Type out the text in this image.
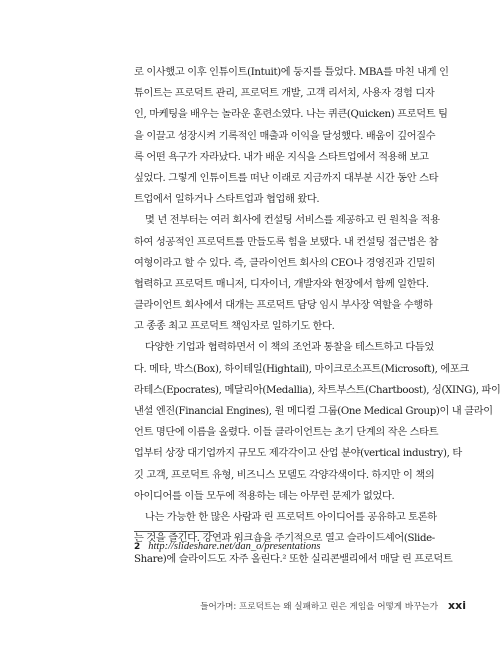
로 이사했고 이후 인튜이트(Intuit)에 둥지를 틀었다. MBA를 마친 내게 인
튜이트는 프로덕트 관리, 프로덕트 개발, 고객 리서치, 사용자 경험 디자
인, 마케팅을 배우는 놀라운 훈련소였다. 나는 퀴큰(Quicken) 프로덕트 팀
을 이끌고 성장시켜 기록적인 매출과 이익을 달성했다. 배움이 깊어질수
록 어떤 욕구가 자라났다. 내가 배운 지식을 스타트업에서 적용해 보고
싶었다. 그렇게 인튜이트를 떠난 이래로 지금까지 대부분 시간 동안 스타
트업에서 일하거나 스타트업과 협업해 왔다.

몇 년 전부터는 여러 회사에 컨설팅 서비스를 제공하고 린 원칙을 적용
하여 성공적인 프로덕트를 만들도록 힘을 보탰다. 내 컨설팅 접근법은 참
여형이라고 할 수 있다. 즉, 클라이언트 회사의 CEO나 경영진과 긴밀히
협력하고 프로덕트 매니저, 디자이너, 개발자와 현장에서 함께 일한다.
클라이언트 회사에서 대개는 프로덕트 담당 임시 부사장 역할을 수행하
고 종종 최고 프로덕트 책임자로 일하기도 한다.

다양한 기업과 협력하면서 이 책의 조언과 통찰을 테스트하고 다듬었
다. 메타, 박스(Box), 하이테일(Hightail), 마이크로소프트(Microsoft), 에포크
라테스(Epocrates), 메달리아(Medallia), 차트부스트(Chartboost), 싱(XING), 파이
낸셜 엔진(Financial Engines), 원 메디컬 그룹(One Medical Group)이 내 클라이
언트 명단에 이름을 올렸다. 이들 클라이언트는 초기 단계의 작은 스타트
업부터 상장 대기업까지 규모도 제각각이고 산업 분야(vertical industry), 타
깃 고객, 프로덕트 유형, 비즈니스 모델도 각양각색이다. 하지만 이 책의
아이디어를 이들 모두에 적용하는 데는 아무런 문제가 없었다.

나는 가능한 한 많은 사람과 린 프로덕트 아이디어를 공유하고 토론하
는 것을 즐긴다. 강연과 워크숍을 주기적으로 열고 슬라이드셰어(Slide-
Share)에 슬라이드도 자주 올린다.² 또한 실리콘밸리에서 매달 린 프로덕트

2 http://slideshare.net/dan_o/presentations
들어가며: 프로덕트는 왜 실패하고 린은 게임을 어떻게 바꾸는가 xxi
